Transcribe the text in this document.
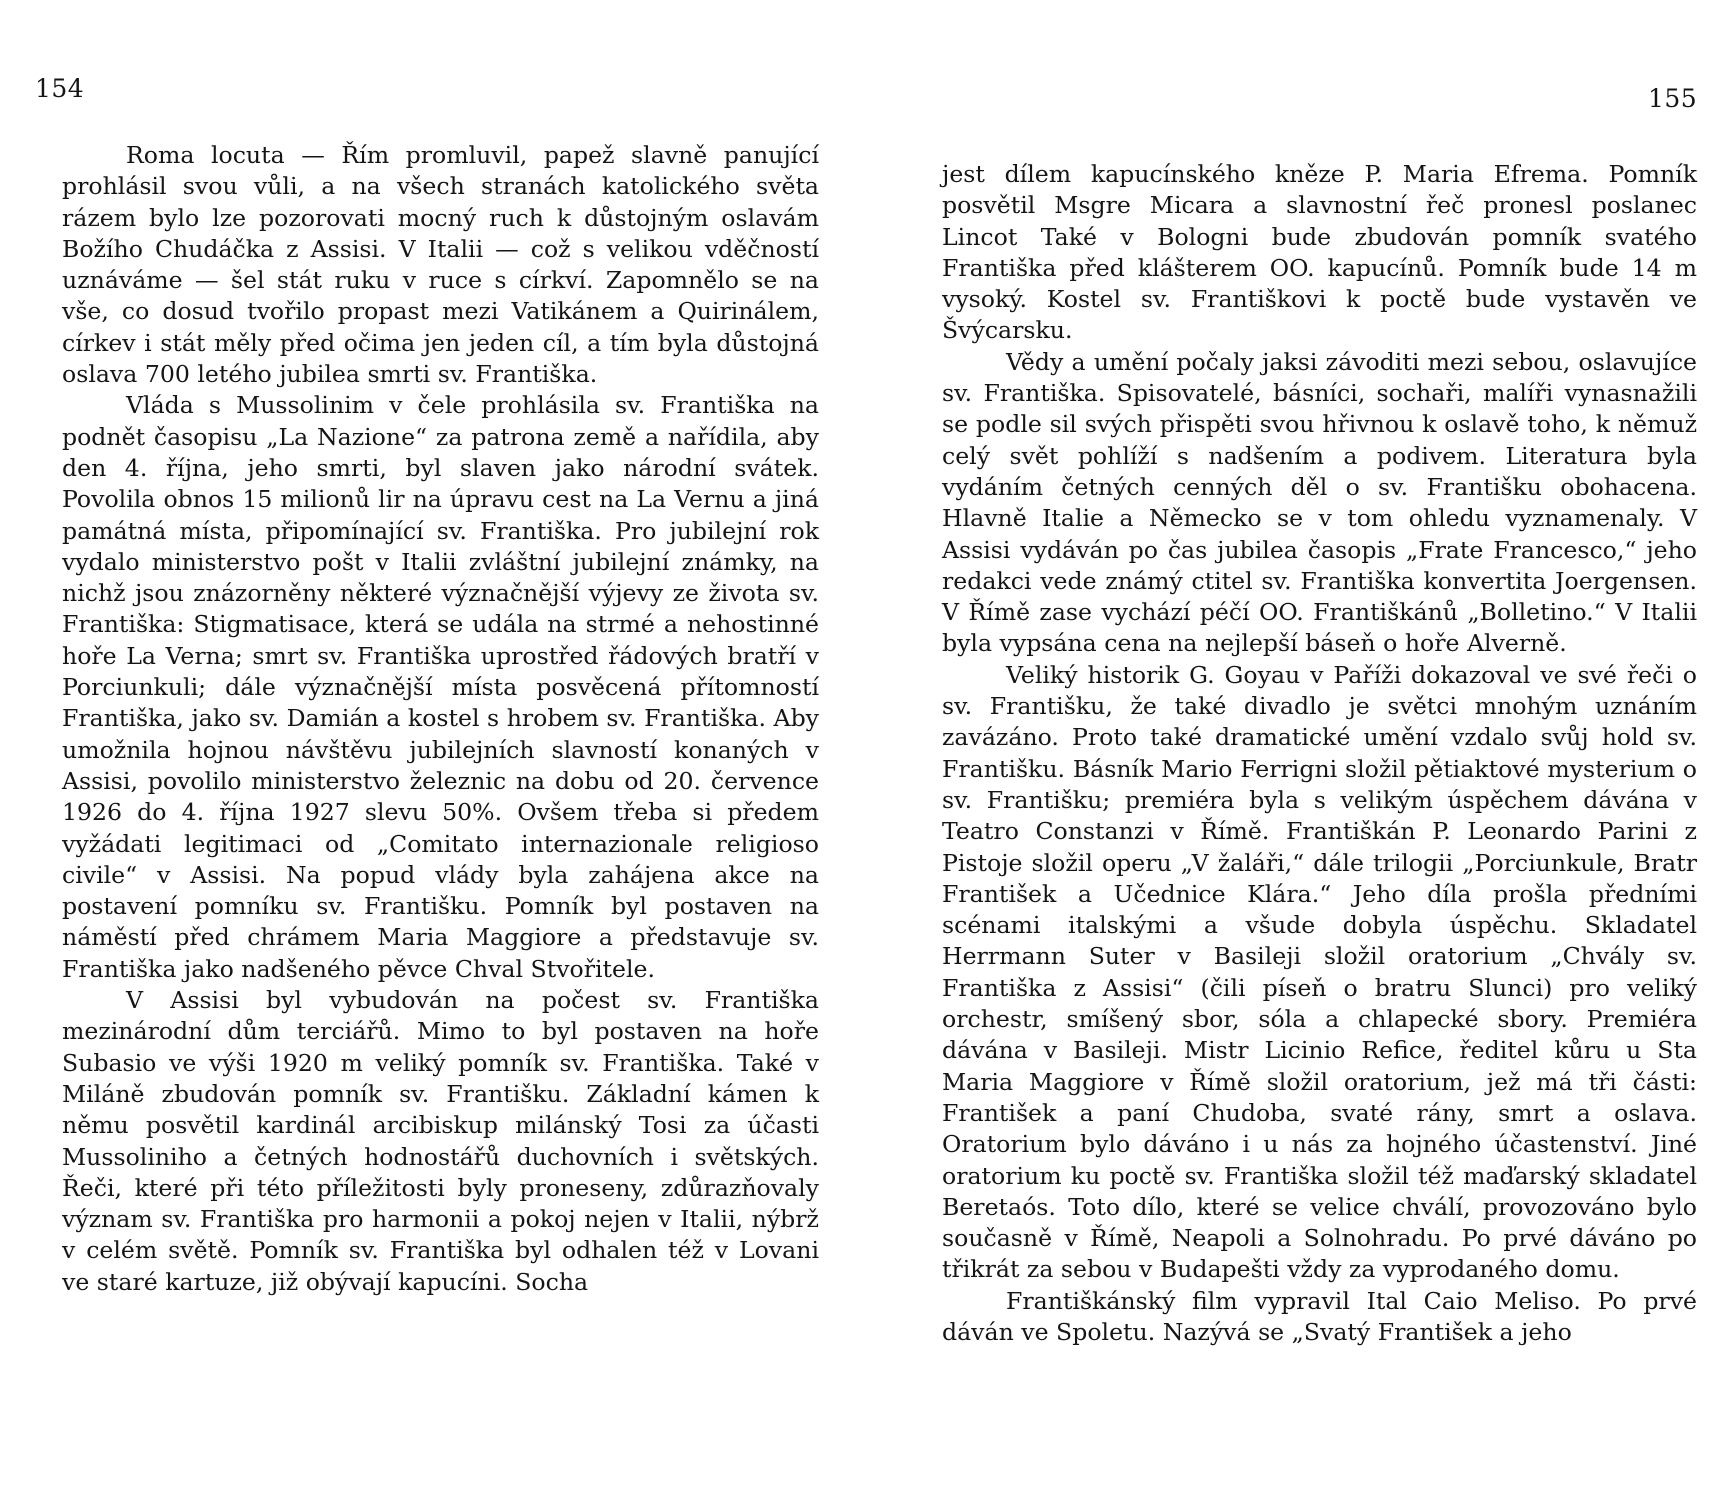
154	155

Roma locuta — Řím promluvil, papež slavně panující prohlásil svou vůli, a na všech stranách katolického světa rázem bylo lze pozorovati mocný ruch k důstojným oslavám Božího Chudáčka z Assisi. V Italii — což s velikou vděčností uznáváme — šel stát ruku v ruce s církví. Zapomnělo se na vše, co dosud tvořilo propast mezi Vatikánem a Quirinálem, církev i stát měly před očima jen jeden cíl, a tím byla důstojná oslava 700 letého jubilea smrti sv. Františka.

Vláda s Mussolinim v čele prohlásila sv. Františka na podnět časopisu „La Nazione“ za patrona země a nařídila, aby den 4. října, jeho smrti, byl slaven jako národní svátek. Povolila obnos 15 milionů lir na úpravu cest na La Vernu a jiná památná místa, připomínající sv. Františka. Pro jubilejní rok vydalo ministerstvo pošt v Italii zvláštní jubilejní známky, na nichž jsou znázorněny některé význačnější výjevy ze života sv. Františka: Stigmatisace, která se udála na strmé a nehostinné hoře La Verna; smrt sv. Františka uprostřed řádových bratří v Porciunkuli; dále význačnější místa posvěcená přítomností Františka, jako sv. Damián a kostel s hrobem sv. Františka. Aby umožnila hojnou návštěvu jubilejních slavností konaných v Assisi, povolilo ministerstvo železnic na dobu od 20. července 1926 do 4. října 1927 slevu 50%. Ovšem třeba si předem vyžádati legitimaci od „Comitato internazionale religioso civile“ v Assisi. Na popud vlády byla zahájena akce na postavení pomníku sv. Františku. Pomník byl postaven na náměstí před chrámem Maria Maggiore a představuje sv. Františka jako nadšeného pěvce Chval Stvořitele.

V Assisi byl vybudován na počest sv. Františka mezinárodní dům terciářů. Mimo to byl postaven na hoře Subasio ve výši 1920 m veliký pomník sv. Františka. Také v Miláně zbudován pomník sv. Františku. Základní kámen k němu posvětil kardinál arcibiskup milánský Tosi za účasti Mussoliniho a četných hodnostářů duchovních i světských. Řeči, které při této příležitosti byly proneseny, zdůrazňovaly význam sv. Františka pro harmonii a pokoj nejen v Italii, nýbrž v celém světě. Pomník sv. Františka byl odhalen též v Lovani ve staré kartuze, již obývají kapucíni. Socha

jest dílem kapucínského kněze P. Maria Efrema. Pomník posvětil Msgre Micara a slavnostní řeč pronesl poslanec Lincot Také v Bologni bude zbudován pomník svatého Františka před klášterem OO. kapucínů. Pomník bude 14 m vysoký. Kostel sv. Františkovi k poctě bude vystavěn ve Švýcarsku.

Vědy a umění počaly jaksi závoditi mezi sebou, oslavujíce sv. Františka. Spisovatelé, básníci, sochaři, malíři vynasnažili se podle sil svých přispěti svou hřivnou k oslavě toho, k němuž celý svět pohlíží s nadšením a podivem. Literatura byla vydáním četných cenných děl o sv. Františku obohacena. Hlavně Italie a Německo se v tom ohledu vyznamenaly. V Assisi vydáván po čas jubilea časopis „Frate Francesco,“ jeho redakci vede známý ctitel sv. Františka konvertita Joergensen. V Římě zase vychází péčí OO. Františkánů „Bolletino.“ V Italii byla vypsána cena na nejlepší báseň o hoře Alverně.

Veliký historik G. Goyau v Paříži dokazoval ve své řeči o sv. Františku, že také divadlo je světci mnohým uznáním zavázáno. Proto také dramatické umění vzdalo svůj hold sv. Františku. Básník Mario Ferrigni složil pětiaktové mysterium o sv. Františku; premiéra byla s velikým úspěchem dávána v Teatro Constanzi v Římě. Františkán P. Leonardo Parini z Pistoje složil operu „V žaláři,“ dále trilogii „Porciunkule, Bratr František a Učednice Klára.“ Jeho díla prošla předními scénami italskými a všude dobyla úspěchu. Skladatel Herrmann Suter v Basileji složil oratorium „Chvály sv. Františka z Assisi“ (čili píseň o bratru Slunci) pro veliký orchestr, smíšený sbor, sóla a chlapecké sbory. Premiéra dávána v Basileji. Mistr Licinio Refice, ředitel kůru u Sta Maria Maggiore v Římě složil oratorium, jež má tři části: František a paní Chudoba, svaté rány, smrt a oslava. Oratorium bylo dáváno i u nás za hojného účastenství. Jiné oratorium ku poctě sv. Františka složil též maďarský skladatel Beretaós. Toto dílo, které se velice chválí, provozováno bylo současně v Římě, Neapoli a Solnohradu. Po prvé dáváno po třikrát za sebou v Budapešti vždy za vyprodaného domu.

Františkánský film vypravil Ital Caio Meliso. Po prvé dáván ve Spoletu. Nazývá se „Svatý František a jeho
